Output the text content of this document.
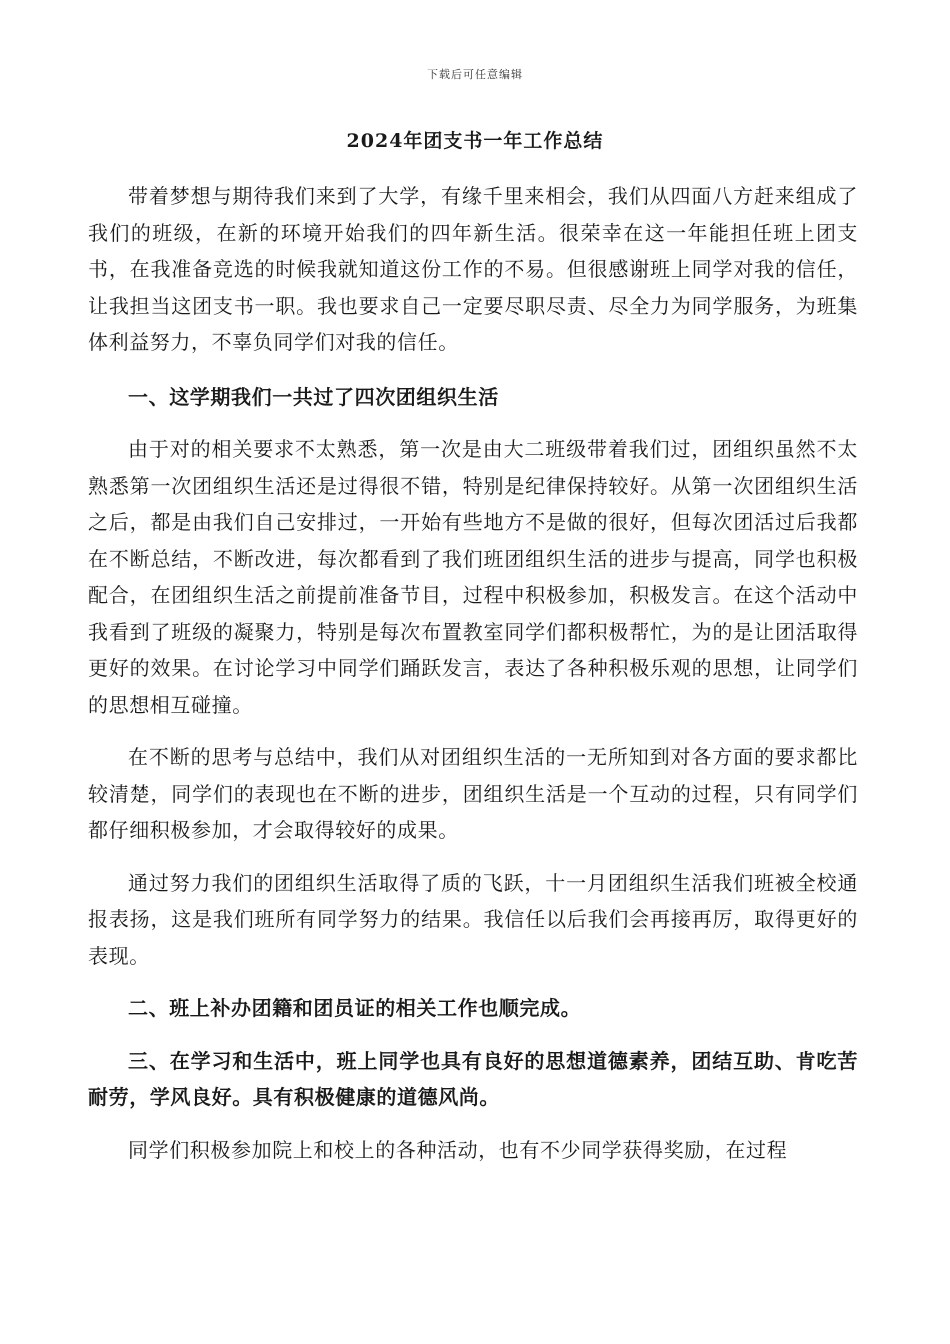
下载后可任意编辑
2024年团支书一年工作总结

带着梦想与期待我们来到了大学，有缘千里来相会，我们从四面八方赶来组成了我们的班级，在新的环境开始我们的四年新生活。很荣幸在这一年能担任班上团支书，在我准备竞选的时候我就知道这份工作的不易。但很感谢班上同学对我的信任，让我担当这团支书一职。我也要求自己一定要尽职尽责、尽全力为同学服务，为班集体利益努力，不辜负同学们对我的信任。

一、这学期我们一共过了四次团组织生活

由于对的相关要求不太熟悉，第一次是由大二班级带着我们过，团组织虽然不太熟悉第一次团组织生活还是过得很不错，特别是纪律保持较好。从第一次团组织生活之后，都是由我们自己安排过，一开始有些地方不是做的很好，但每次团活过后我都在不断总结，不断改进，每次都看到了我们班团组织生活的进步与提高，同学也积极配合，在团组织生活之前提前准备节目，过程中积极参加，积极发言。在这个活动中我看到了班级的凝聚力，特别是每次布置教室同学们都积极帮忙，为的是让团活取得更好的效果。在讨论学习中同学们踊跃发言，表达了各种积极乐观的思想，让同学们的思想相互碰撞。

在不断的思考与总结中，我们从对团组织生活的一无所知到对各方面的要求都比较清楚，同学们的表现也在不断的进步，团组织生活是一个互动的过程，只有同学们都仔细积极参加，才会取得较好的成果。

通过努力我们的团组织生活取得了质的飞跃，十一月团组织生活我们班被全校通报表扬，这是我们班所有同学努力的结果。我信任以后我们会再接再厉，取得更好的表现。

二、班上补办团籍和团员证的相关工作也顺完成。

三、在学习和生活中，班上同学也具有良好的思想道德素养，团结互助、肯吃苦耐劳，学风良好。具有积极健康的道德风尚。

同学们积极参加院上和校上的各种活动，也有不少同学获得奖励，在过程
